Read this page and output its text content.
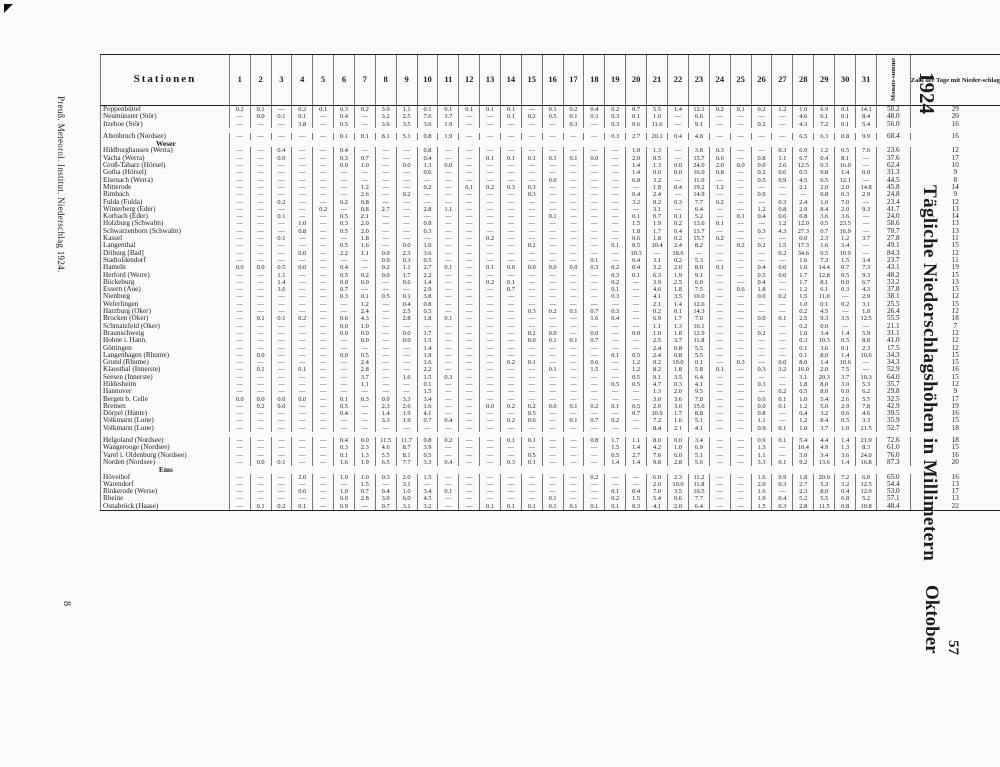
Preuß. Meteorol. Institut. Niederschlag 1924.
8
Stationen	1	2	3	4	5	6	7	8	9	10	11	12	13	14	15	16	17	18	19	20	21	22	23	24	25	26	27	28	29	30	31	Monats-summe	Zahl der Tage mit Nieder-schlag

Poppenbüttel	0.2	0.1	—	0.2	0.1	0.3	0.2	3.0	1.1	0.1	0.1	0.1	0.1	0.1	—	0.1	0.2	0.4	0.2	0.7	5.5	1.4	12.1	0.2	0.1	0.2	1.2	1.0	6.9	0.1	14.1	50.2	29
Neumünster (Stör)	—	0.0	0.1	0.1	—	0.4	—	3.2	2.5	7.6	3.7	—	—	0.1	0.2	0.5	0.1	0.3	0.3	0.1	1.0	—	6.6	—	—	—	—	4.6	6.1	0.1	8.4	48.0	20
Itzehoe (Stör)	—	—	—	3.8	—	0.5	—	3.6	3.5	3.6	1.9	—	—	—	—	—	0.3	—	0.3	0.6	11.6	—	9.1	—	—	0.2	—	4.3	7.2	0.1	5.4	56.0	16

Altenbruch (Nordsee)	—	—	—	—	—	0.1	0.1	8.1	5.1	0.8	1.9	—	—	—	—	—	—	—	0.3	2.7	20.1	0.4	4.8	—	—	—	—	6.5	6.3	0.8	9.9	68.4	16
Weser																																	
Hildburghausen (Werra)	—	—	0.4	—	—	0.4	—	—	—	0.8	—	—	—	—	—	—	—	—	—	1.0	1.3	—	3.8	0.3	—	—	0.3	6.0	1.2	0.5	7.6	23.6	12
Vacha (Werra)	—	—	0.0	—	—	0.3	0.7	—	—	0.4	—	—	0.1	0.1	0.1	0.1	0.1	0.0	—	2.0	0.5	—	15.7	0.6	—	0.8	1.1	6.7	0.4	8.1	—	37.6	17
Groß-Tabarz (Hörsel)	—	—	—	—	—	0.0	1.0	—	0.0	1.3	0.0	—	—	—	—	—	—	—	—	1.4	1.3	0.0	24.0	2.0	0.0	0.0	2.6	12.5	0.3	16.0	—	62.4	10
Gotha (Hörsel)	—	—	—	—	—	—	—	—	—	0.6	—	—	—	—	—	—	—	—	—	1.4	0.0	0.0	16.0	0.8	—	0.2	0.6	0.5	9.8	1.4	0.0	31.3	9
Eisenach (Werra)	—	—	—	—	—	—	—	—	—	—	—	—	—	—	—	0.0	—	—	—	6.8	3.2	—	11.0	—	—	0.5	0.9	4.5	6.5	12.1	—	44.5	8
Mitterode	—	—	—	—	—	—	1.2	—	—	0.2	—	0.1	0.2	0.3	0.3	—	—	—	—	—	1.8	0.4	19.2	1.2	—	—	—	2.1	2.0	2.0	14.8	45.8	14
Rimbach	—	—	—	—	—	—	2.6	—	0.2	—	—	—	—	—	0.3	—	—	—	—	0.4	2.4	—	14.9	—	—	0.0	—	—	0.8	0.3	2.9	24.8	9
Fulda (Fulda)	—	—	0.2	—	—	0.2	0.8	—	—	—	—	—	—	—	—	—	—	—	—	3.2	0.2	0.3	7.7	0.2	—	—	0.3	2.4	1.0	7.0	—	23.4	12
Winterberg (Eder)	—	—	—	—	0.2	—	0.8	2.7	—	2.8	1.1	—	—	—	—	—	—	—	—	—	3.1	—	6.4	—	—	1.2	0.8	2.9	8.4	2.0	9.3	41.7	13
Korbach (Eder)	—	—	0.1	—	—	0.5	2.1	—	—	—	—	—	—	—	—	0.1	—	—	—	0.1	0.7	0.1	5.2	—	0.1	0.4	0.6	6.8	3.6	3.6	—	24.0	14
Holzburg (Schwalm)	—	—	—	1.0	—	0.3	2.0	—	—	0.8	—	—	—	—	—	—	—	—	—	1.5	1.9	0.2	13.6	0.1	—	—	1.2	12.0	0.5	23.5	—	58.6	13
Schwarzenborn (Schwalm)	—	—	—	0.8	—	0.5	2.0	—	—	0.3	—	—	—	—	—	—	—	—	—	1.8	1.7	0.4	13.7	—	—	0.3	4.3	27.3	0.7	16.9	—	70.7	13
Kassel	—	—	0.1	—	—	—	1.8	—	—	—	—	—	0.2	—	—	—	—	—	—	0.6	1.8	0.2	15.7	0.2	—	—	—	0.0	2.3	1.2	3.7	27.8	11
Langenthal	—	—	—	—	—	0.5	1.6	—	0.0	1.0	—	—	—	—	0.2	—	—	—	0.1	0.5	10.4	2.4	8.2	—	0.2	0.2	1.5	17.3	1.6	3.4	—	49.1	15
Driburg [Bad]	—	—	—	0.0	—	2.2	1.1	0.0	2.3	3.6	—	—	—	—	—	—	—	—	—	10.3	—	18.6	—	—	—	—	0.2	34.6	0.5	10.9	—	84.3	12
Stadtoldendorf	—	—	—	—	—	—	—	0.0	0.3	0.5	—	—	—	—	—	—	—	0.1	—	0.4	3.1	0.2	5.3	—	—	—	—	1.6	7.3	1.5	3.4	23.7	11
Hameln	0.0	0.0	0.5	0.0	—	0.4	—	0.2	1.1	2.7	0.1	—	0.1	0.0	0.0	0.0	0.0	0.3	0.2	0.4	3.2	2.0	8.0	0.1	—	0.4	0.0	1.0	14.4	0.7	7.3	43.1	19
Herford (Werre)	—	—	1.1	—	—	0.5	0.2	0.0	1.7	2.2	—	—	—	—	—	—	—	—	0.3	0.1	6.3	1.9	9.1	—	—	0.5	0.0	1.7	12.8	0.5	9.3	48.2	15
Bückeburg	—	—	1.4	—	—	0.0	0.0	—	0.6	1.4	—	—	0.2	0.1	—	—	—	—	0.2	—	3.9	2.5	6.0	—	—	0.4	—	1.7	8.1	0.0	6.7	33.2	13
Essern (Aue)	—	—	3.6	—	—	0.7	—	—	—	2.9	—	—	—	0.7	—	—	—	—	0.1	—	4.6	1.8	7.5	—	0.6	1.8	—	1.2	6.1	0.3	4.3	37.8	15
Nienburg	—	—	—	—	—	0.3	0.1	0.5	0.1	3.8	—	—	—	—	—	—	—	—	0.3	—	4.1	3.5	10.0	—	—	0.0	0.2	1.5	11.0	—	2.9	38.1	12
Weferlingen	—	—	—	—	—	—	1.2	—	0.4	0.8	—	—	—	—	—	—	—	—	—	—	2.1	1.4	12.6	—	—	—	—	1.0	0.1	0.2	3.1	25.5	15
Harzburg (Oker)	—	—	—	—	—	—	2.4	—	2.5	0.3	—	—	—	—	0.3	0.2	0.1	0.7	0.3	—	0.2	0.1	14.3	—	—	—	—	0.2	4.5	—	1.8	26.4	12
Brocken (Oker)	—	0.1	0.1	0.2	—	0.6	4.3	—	2.8	1.8	0.1	—	—	—	—	—	—	1.6	0.4	—	6.9	1.7	7.0	—	—	0.0	0.1	2.5	9.3	3.5	12.5	55.5	18
Schmatzfeld (Oker)	—	—	—	—	—	0.0	1.0	—	—	—	—	—	—	—	—	—	—	—	—	—	1.1	1.3	16.1	—	—	—	—	0.2	0.0	—	—	21.1	7
Braunschweig	—	—	—	—	—	0.0	0.0	—	0.0	1.7	—	—	—	—	0.2	0.0	—	0.0	—	0.0	1.0	1.8	12.9	—	—	0.2	—	1.0	3.4	1.4	5.9	31.1	12
Hohne i. Hann.	—	—	—	—	—	—	0.0	—	0.0	1.5	—	—	—	—	0.0	0.1	0.1	0.7	—	—	2.5	3.7	11.8	—	—	—	—	0.3	10.3	0.5	8.8	41.0	12
Göttingen	—	—	—	—	—	—	—	—	—	1.4	—	—	—	—	—	—	—	—	—	—	2.4	0.8	5.5	—	—	—	—	0.1	3.6	0.1	2.3	17.5	12
Langenhagen (Rhume)	—	0.0	—	—	—	0.0	0.5	—	—	1.9	—	—	—	—	—	—	—	—	0.1	0.5	2.4	0.8	5.5	—	—	—	—	0.1	8.0	1.4	10.6	34.3	15
Grund (Rhume)	—	—	—	—	—	—	2.4	—	—	1.6	—	—	—	0.2	0.1	—	—	0.6	—	1.2	0.2	10.0	0.1	—	0.3	—	0.0	8.0	1.4	10.6	—	34.3	15
Klausthal (Innerste)	—	0.1	—	0.1	—	—	2.8	—	—	2.2	—	—	—	—	—	0.1	—	1.5	—	1.2	8.2	1.8	5.8	0.1	—	0.3	3.2	16.0	2.0	7.5	—	52.9	16
Seesen (Innerste)	—	—	—	—	—	—	3.7	—	1.6	1.5	0.3	—	—	—	—	—	—	—	—	0.5	9.1	3.5	6.4	—	—	—	—	3.1	20.3	3.7	10.3	64.0	15
Hildesheim	—	—	—	—	—	—	1.1	—	—	0.1	—	—	—	—	—	—	—	—	0.5	0.5	4.7	0.3	4.1	—	—	0.3	—	1.8	8.0	3.0	5.3	35.7	12
Hannover	—	—	—	—	—	—	—	—	—	1.5	—	—	—	—	—	—	—	—	—	—	1.3	2.0	9.5	—	—	—	0.2	0.5	8.0	0.0	6.2	29.8	9
Bergen b. Celle	0.0	0.0	0.0	0.0	—	0.1	0.3	0.0	3.3	3.4	—	—	—	—	—	—	—	—	—	—	3.0	3.6	7.8	—	—	0.6	0.1	1.0	5.4	2.6	5.5	32.5	17
Bremen	—	0.2	0.0	—	—	0.5	—	2.3	2.6	1.6	—	—	0.0	0.2	0.2	0.0	0.1	0.2	0.1	0.5	2.0	3.0	15.6	—	—	0.0	0.1	1.2	5.0	2.9	7.8	42.9	19
Dörpel (Hunte)	—	—	—	—	—	0.4	—	1.4	1.9	4.1	—	—	—	—	0.5	—	—	—	—	0.7	10.9	1.7	8.8	—	—	0.8	—	0.4	3.2	0.6	4.6	39.5	16
Volkmarst (Lune)	—	—	—	—	—	—	—	3.3	1.9	0.7	0.4	—	—	0.2	0.6	—	0.1	0.7	0.2	—	7.2	1.6	5.1	—	—	1.1	—	1.2	8.4	0.5	3.3	35.9	15
Volkmarst (Lune)	—	—	—	—	—	—	—	—	—	—	—	—	—	—	—	—	—	—	—	—	8.4	2.1	4.1	—	—	0.9	0.1	1.0	3.7	1.0	21.5	52.7	18

Helgoland (Nordsee)	—	—	—	—	—	0.4	0.0	11.5	11.7	0.8	0.2	—	—	0.1	0.1	—	—	0.8	1.7	1.1	8.0	0.0	3.4	—	—	0.9	0.1	5.4	4.4	1.4	21.0	72.6	18
Wangerooge (Nordsee)	—	—	—	—	—	0.3	2.3	4.6	8.7	3.9	—	—	—	—	—	—	—	—	1.5	1.4	4.2	1.0	6.9	—	—	1.3	—	10.4	4.9	1.3	8.3	61.0	15
Varel i. Oldenburg (Nordsee)	—	—	—	—	—	0.1	1.3	5.5	8.1	0.5	—	—	—	—	0.5	—	—	—	0.5	2.7	7.6	6.0	5.1	—	—	1.1	—	3.0	3.4	3.6	24.0	76.0	16
Norden (Nordsee)	—	0.0	0.1	—	—	1.6	1.9	6.5	7.7	3.3	0.4	—	—	0.3	0.1	—	—	—	1.4	1.4	9.8	2.8	5.6	—	—	3.3	0.1	9.2	13.6	1.4	16.8	87.3	20
Ems																																	
Höveihof	—	—	—	2.0	—	1.0	1.0	0.3	2.0	1.5	—	—	—	—	—	—	—	0.2	—	—	6.0	2.3	11.2	—	—	1.6	0.9	1.8	20.0	7.2	6.0	65.0	16
Warendorf	—	—	—	—	—	—	1.5	—	3.1	—	—	—	—	—	—	—	—	—	—	—	2.0	10.0	11.8	—	—	2.0	0.3	2.7	5.3	3.2	12.5	54.4	13
Rinkerode (Werse)	—	—	—	0.6	—	1.0	0.7	0.4	1.0	3.4	0.1	—	—	—	—	—	—	—	0.1	0.4	7.0	3.5	10.5	—	—	1.6	—	2.3	8.0	0.4	12.0	53.0	17
Rheine	—	—	—	—	—	0.0	2.8	3.0	6.0	4.5	—	—	—	—	—	0.1	—	—	0.2	1.5	5.4	0.6	7.7	—	—	1.0	0.4	5.2	5.5	6.8	5.2	57.1	13
Osnabrück (Haase)	—	0.1	0.2	0.1	—	0.9	—	0.7	3.1	3.2	—	—	0.1	0.1	0.1	0.1	0.1	0.1	0.1	0.3	4.1	2.0	6.4	—	—	1.5	0.3	2.8	11.5	0.8	10.8	48.4	22
1924
Tägliche Niederschlagshöhen in Millimetern
Oktober 57
